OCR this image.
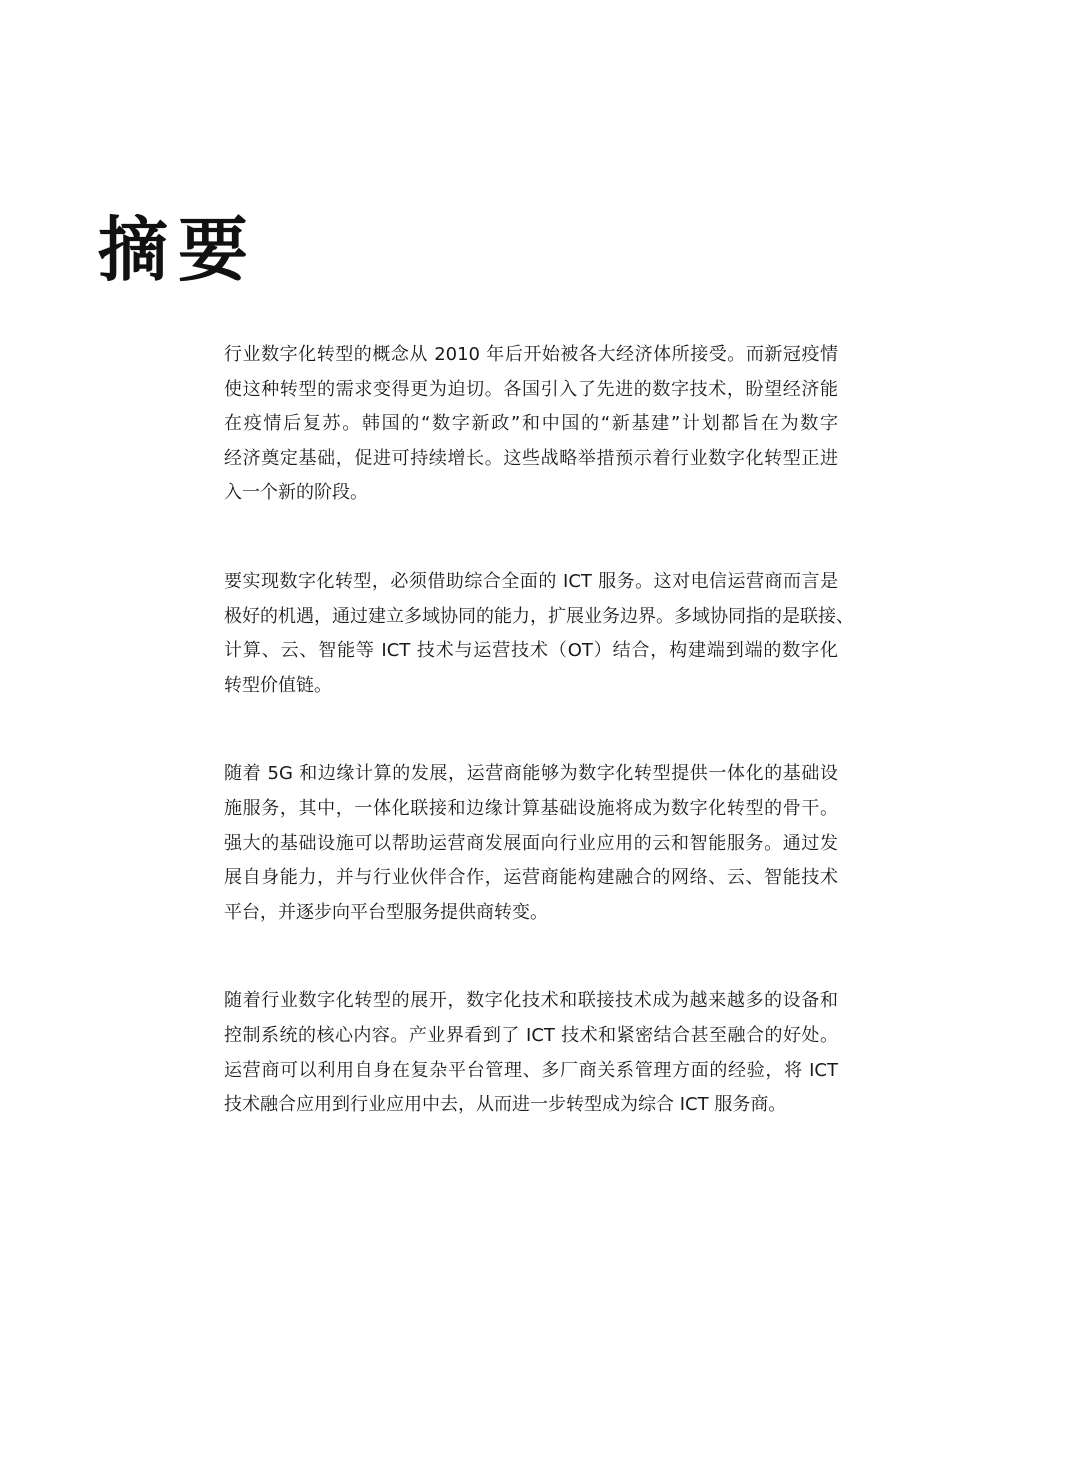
摘要

行业数字化转型的概念从 2010 年后开始被各大经济体所接受。而新冠疫情
使这种转型的需求变得更为迫切。各国引入了先进的数字技术，盼望经济能
在疫情后复苏。韩国的“数字新政”和中国的“新基建”计划都旨在为数字
经济奠定基础，促进可持续增长。这些战略举措预示着行业数字化转型正进
入一个新的阶段。

要实现数字化转型，必须借助综合全面的 ICT 服务。这对电信运营商而言是
极好的机遇，通过建立多域协同的能力，扩展业务边界。多域协同指的是联接、
计算、云、智能等 ICT 技术与运营技术（OT）结合，构建端到端的数字化
转型价值链。

随着 5G 和边缘计算的发展，运营商能够为数字化转型提供一体化的基础设
施服务，其中，一体化联接和边缘计算基础设施将成为数字化转型的骨干。
强大的基础设施可以帮助运营商发展面向行业应用的云和智能服务。通过发
展自身能力，并与行业伙伴合作，运营商能构建融合的网络、云、智能技术
平台，并逐步向平台型服务提供商转变。

随着行业数字化转型的展开，数字化技术和联接技术成为越来越多的设备和
控制系统的核心内容。产业界看到了 ICT 技术和紧密结合甚至融合的好处。
运营商可以利用自身在复杂平台管理、多厂商关系管理方面的经验，将 ICT
技术融合应用到行业应用中去，从而进一步转型成为综合 ICT 服务商。
